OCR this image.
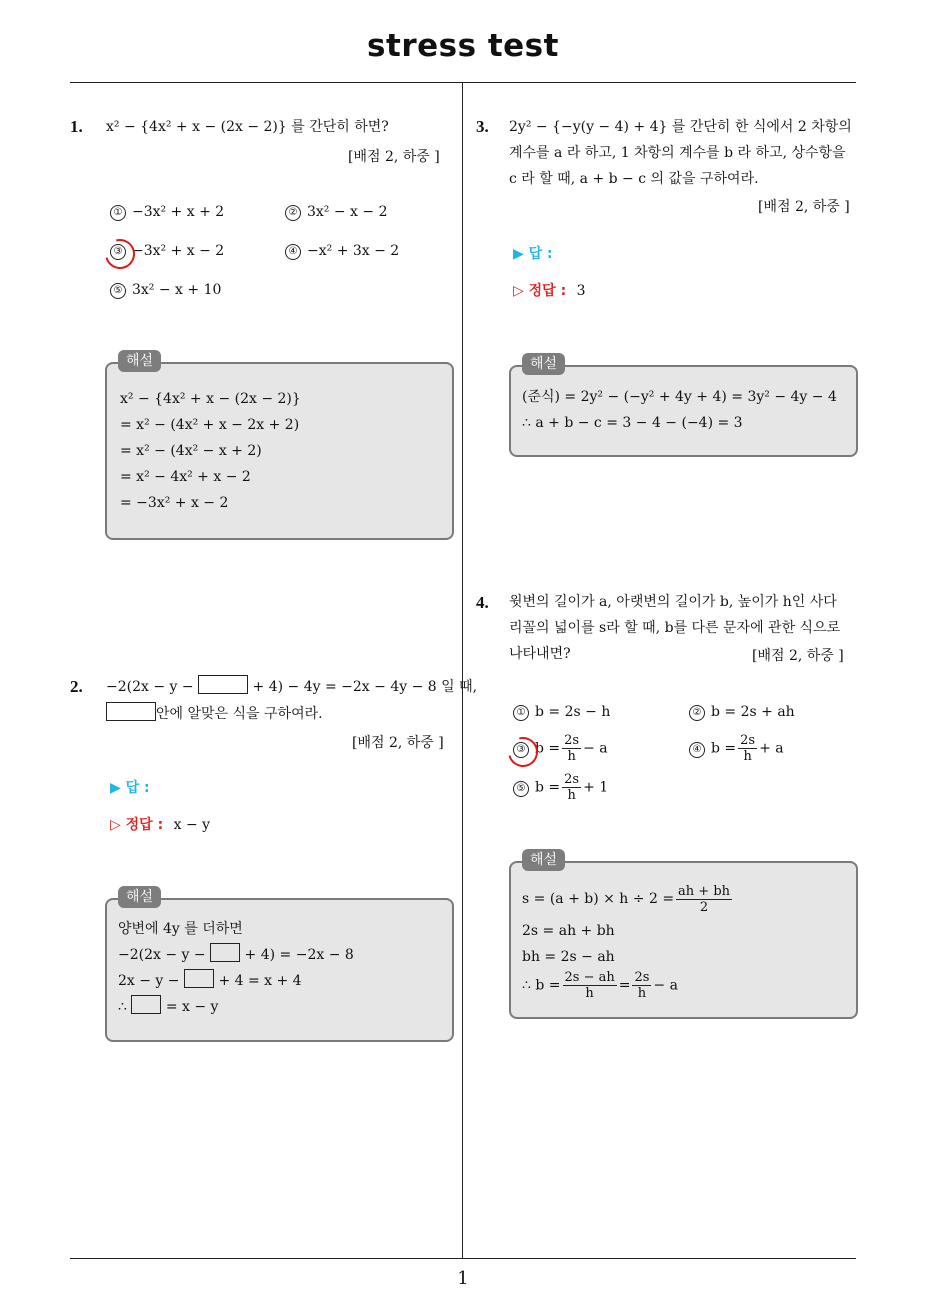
stress test
1
1. x² − {4x² + x − (2x − 2)} 를 간단히 하면?
[배점 2, 하중 ]
① −3x² + x + 2	② 3x² − x − 2
③ −3x² + x − 2	④ −x² + 3x − 2
⑤ 3x² − x + 10
해설
x² − {4x² + x − (2x − 2)}
= x² − (4x² + x − 2x + 2)
= x² − (4x² − x + 2)
= x² − 4x² + x − 2
= −3x² + x − 2
2. −2(2x − y −	+ 4) − 4y = −2x − 4y − 8 일 때,
안에 알맞은 식을 구하여라.
[배점 2, 하중 ]
▶ 답 :
▷ 정답 : x − y
해설
양변에 4y 를 더하면
−2(2x − y −	+ 4) = −2x − 8
2x − y −	+ 4 = x + 4
∴	= x − y
3. 2y² − {−y(y − 4) + 4} 를 간단히 한 식에서 2 차항의
계수를 a 라 하고, 1 차항의 계수를 b 라 하고, 상수항을
c 라 할 때, a + b − c 의 값을 구하여라.
[배점 2, 하중 ]
▶ 답 :
▷ 정답 : 3
해설
(준식) = 2y² − (−y² + 4y + 4) = 3y² − 4y − 4
∴ a + b − c = 3 − 4 − (−4) = 3
4. 윗변의 길이가 a, 아랫변의 길이가 b, 높이가 h인 사다
리꼴의 넓이를 s라 할 때, b를 다른 문자에 관한 식으로
나타내면?	[배점 2, 하중 ]
① b = 2s − h	② b = 2s + ah
③ $b = \frac{2s}{h} - a$	④ $b = \frac{2s}{h} + a$
⑤ $b = \frac{2s}{h} + 1$
해설
$s = (a + b) \times h \div 2 = \frac{ah + bh}{2}$
2s = ah + bh
bh = 2s − ah
∴ $b = \frac{2s - ah}{h} = \frac{2s}{h} - a$
